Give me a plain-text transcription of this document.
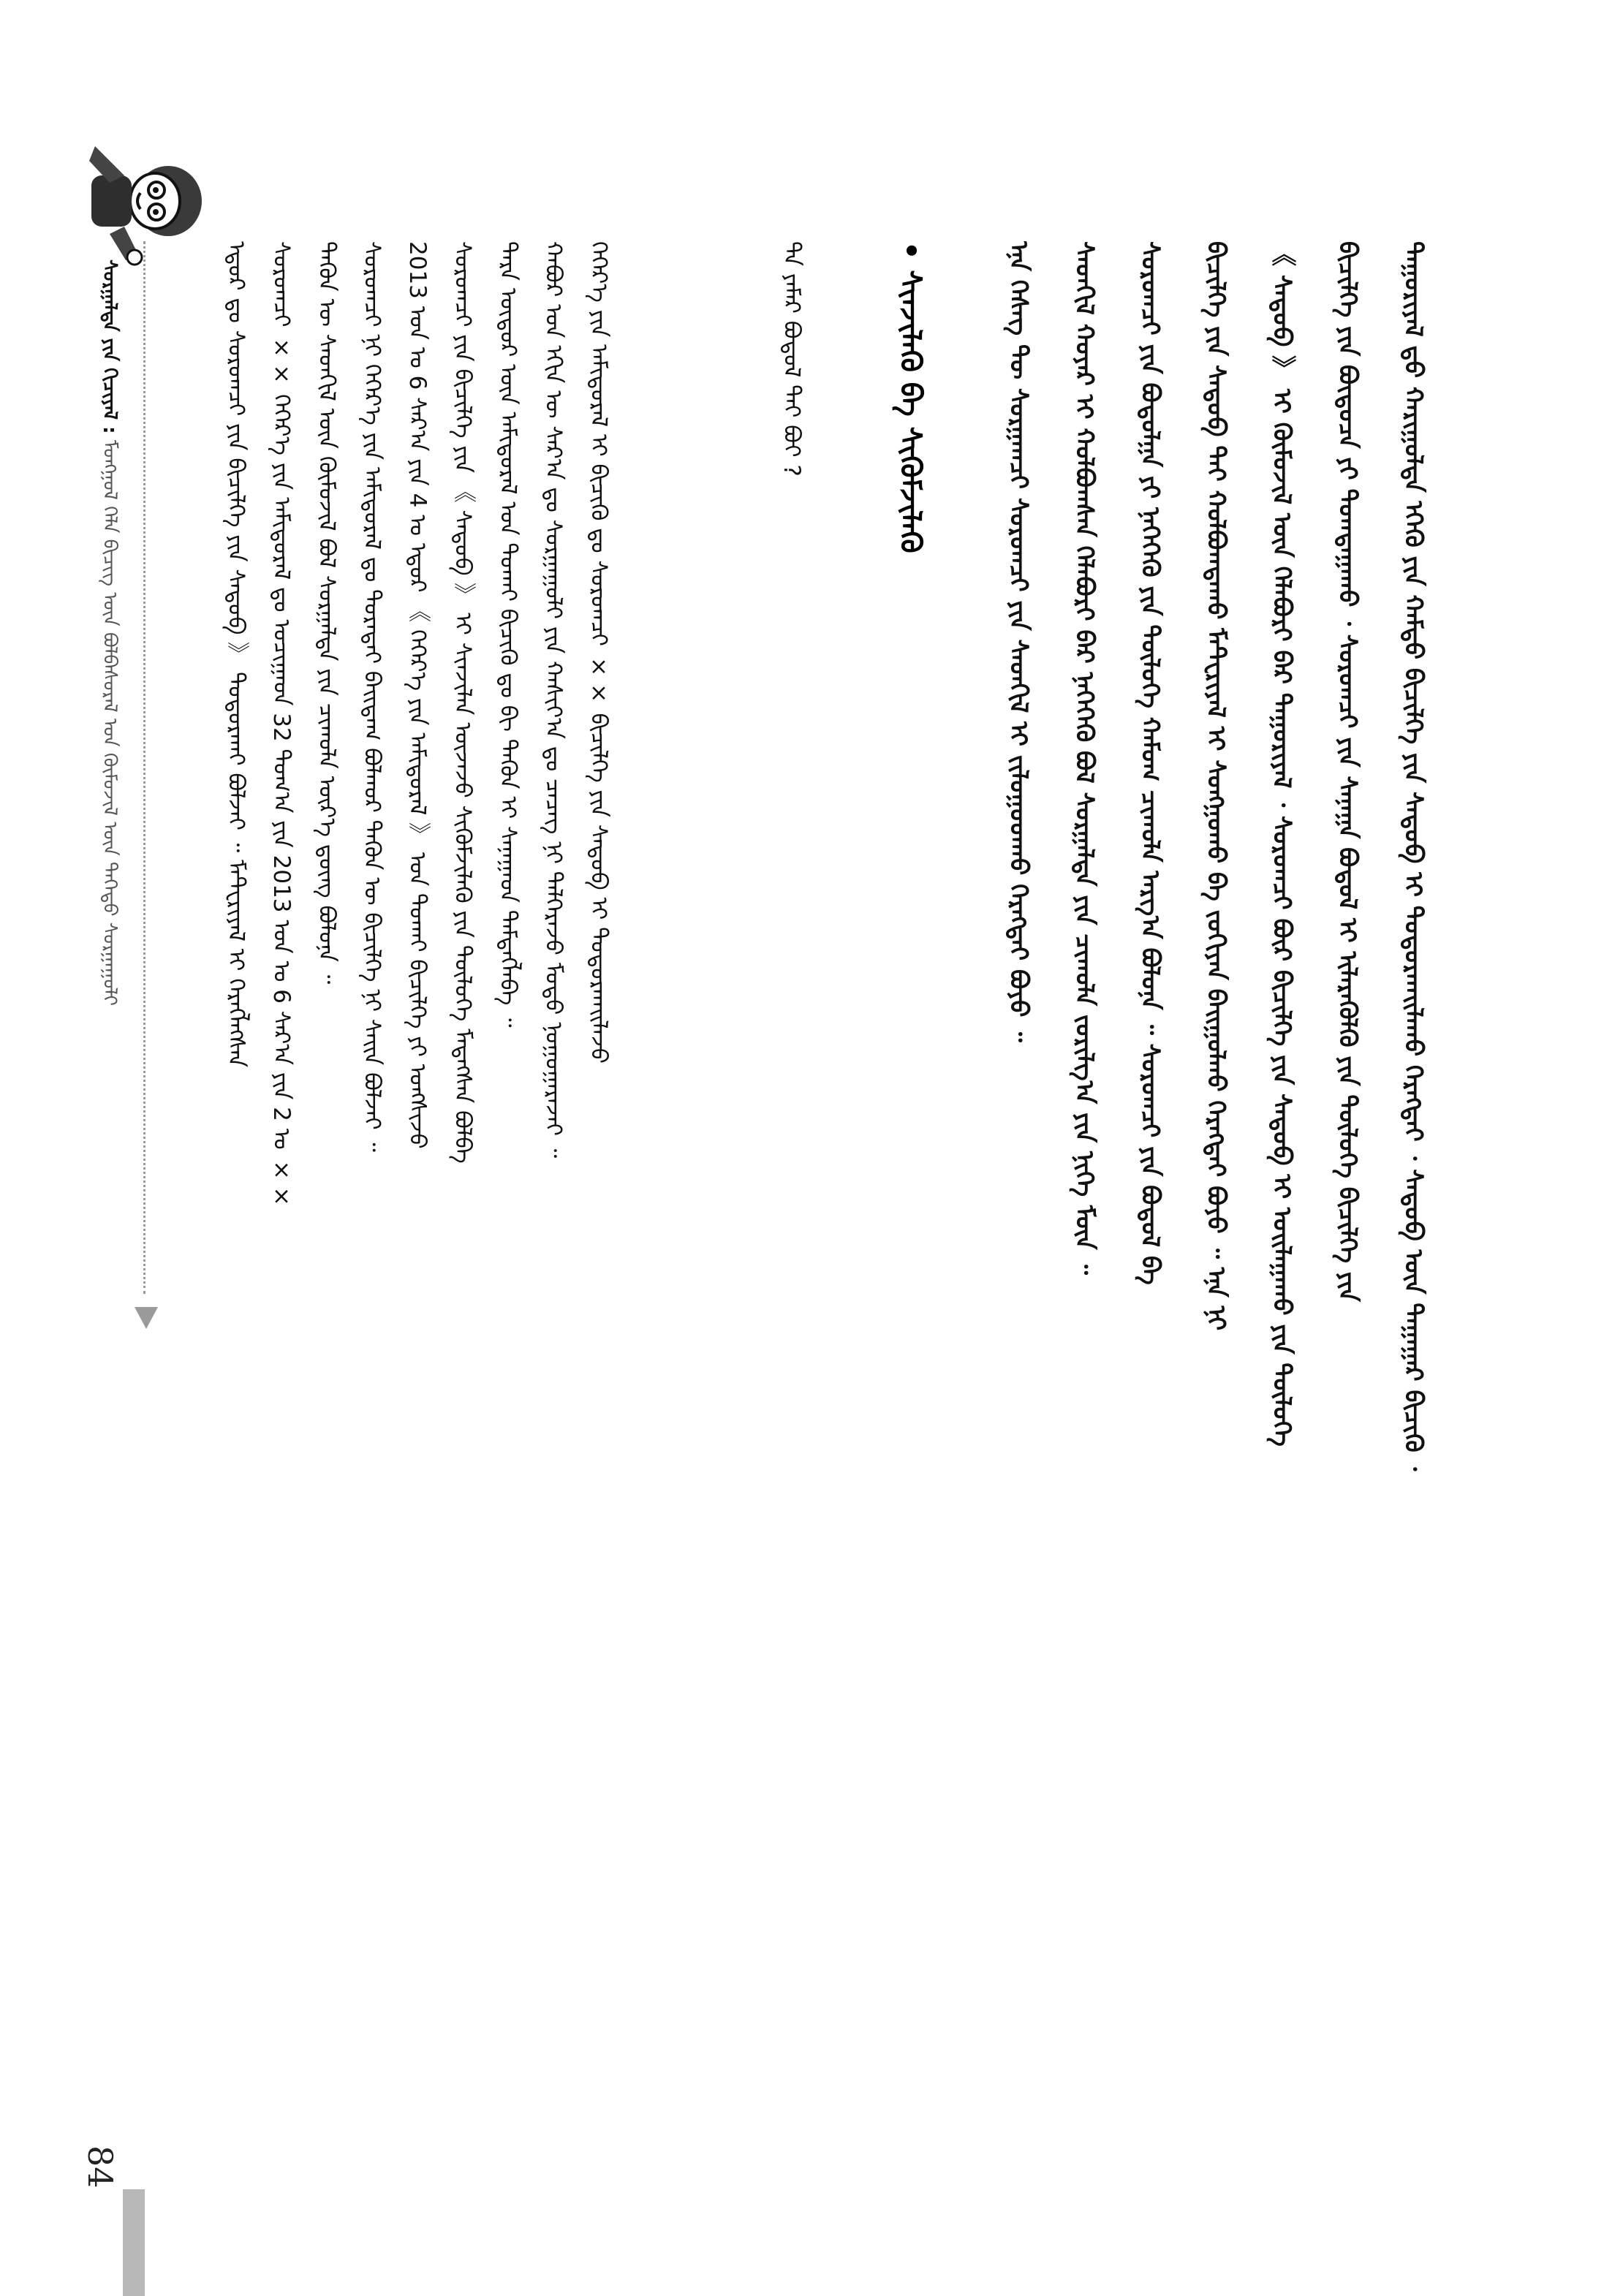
ᠰᠤᠷᠭᠠᠯᠲᠠ ᠶᠢᠨ ᠬᠢᠴᠢᠶᠡᠯ : ᠮᠣᠩᠭᠣᠯ ᠬᠡᠯᠡ ᠪᠢᠴᠢᠭ ᠦᠨ ᠪᠣᠯᠪᠠᠰᠤᠷᠠᠯ ᠤᠨ ᠬᠦᠮᠦᠵᠢᠯ ᠦᠨ ᠳᠡᠭᠡᠳᠦ ᠰᠤᠷᠭᠠᠭᠤᠯᠢ	ᠡᠳᠦᠷ ᠳᠤ ᠰᠤᠷᠤᠭᠴᠢ ᠶᠢᠨ ᠪᠢᠴᠢᠯᠭᠡ ᠶᠢᠨ ᠰᠡᠳᠦᠪ 》 ᠲᠣᠳᠣᠷᠬᠠᠢ ᠪᠣᠯᠵᠠᠢ ᠃ ᠮᠠᠲᠧᠷᠢᠶᠠᠯ ᠢ ᠬᠡᠷᠡᠭᠯᠡᠭᠰᠡᠨ ᠰᠤᠷᠤᠭᠴᠢ ×× ᠬᠡᠭᠡᠷ᠎ᠡ ᠶᠢᠨ ᠠᠮᠢᠳᠤᠷᠠᠯ ᠳᠤ ᠣᠴᠢᠭᠠᠳ 32 ᠲᠤᠭ᠎ᠠ ᠶᠢᠨ 2013 ᠣᠨ ᠤ 6 ᠰᠠᠷ᠎ᠠ ᠶᠢᠨ 2 ᠤ ×× ᠲᠡᠭᠦᠨ ᠦ ᠰᠡᠳᠭᠢᠯ ᠦᠨ ᠬᠦᠮᠦᠵᠢᠯ ᠪᠣᠯ ᠰᠤᠷᠭᠠᠯᠲᠠ ᠶᠢᠨ ᠴᠢᠬᠤᠯᠠ ᠦᠷ᠎ᠡ ᠳ᠋ᠦᠩ ᠪᠣᠯᠤᠨᠠ ᠃ ᠰᠤᠷᠤᠭᠴᠢ ᠨᠢ ᠬᠡᠭᠡᠷ᠎ᠡ ᠶᠢᠨ ᠠᠮᠢᠳᠤᠷᠠᠯ ᠳᠤ ᠳᠤᠷᠠᠲᠠᠢ ᠪᠠᠢᠳᠠᠭ ᠪᠣᠯᠬᠣᠷ ᠲᠡᠭᠦᠨ ᠦ ᠪᠢᠴᠢᠯᠭᠡ ᠨᠢ ᠰᠠᠢᠨ ᠪᠣᠯᠵᠠᠢ ᠃ 2013 ᠣᠨ ᠤ 6 ᠰᠠᠷ᠎ᠠ ᠶᠢᠨ 4 ᠤ ᠡᠳᠦᠷ 《 ᠬᠡᠭᠡᠷ᠎ᠡ ᠶᠢᠨ ᠠᠮᠢᠳᠤᠷᠠᠯ 》 ᠤᠨ ᠲᠤᠬᠠᠢ ᠪᠢᠴᠢᠯᠭᠡ ᠶᠢ ᠤᠩᠰᠢᠵᠤ ᠰᠤᠷᠤᠭᠴᠢ ᠶᠢᠨ ᠪᠢᠴᠢᠯᠭᠡ ᠶᠢᠨ 《 ᠰᠡᠳᠦᠪ 》 ᠢ ᠰᠢᠨᠵᠢᠯᠡᠨ ᠦᠵᠡᠵᠦ ᠰᠢᠭᠦᠮᠵᠢᠯᠡᠬᠦ ᠶᠢᠨ ᠲᠦᠯᠦᠭᠡ ᠮᠡᠳᠡᠭᠰᠡᠨ ᠪᠣᠯᠪᠠ ᠲᠡᠷᠡ ᠦᠳᠦᠷ ᠦᠨ ᠠᠮᠢᠳᠤᠷᠠᠯ ᠤᠨ ᠲᠤᠬᠠᠢ ᠪᠢᠴᠢᠬᠦ ᠳᠤ ᠪᠢ ᠲᠡᠭᠦᠨ ᠢ ᠰᠠᠨᠠᠭᠠᠳ ᠲᠡᠮᠳᠡᠭᠯᠡᠪᠡ ᠃ ᠬᠠᠪᠤᠷ ᠤᠨ ᠡᠬᠢᠨ ᠦ ᠰᠠᠷ᠎ᠠ ᠳᠤ ᠰᠤᠷᠭᠠᠭᠤᠯᠢ ᠶᠢᠨ ᠬᠠᠰᠢᠶ᠎ᠠ ᠳᠤ ᠴᠡᠴᠡᠭ ᠨᠢ ᠳᠡᠯᠭᠡᠷᠡᠵᠦ ᠮᠣᠳᠣ ᠨᠣᠭᠣᠭᠠᠷᠠᠵᠠᠢ ᠃ ᠬᠡᠭᠡᠷ᠎ᠡ ᠶᠢᠨ ᠠᠮᠢᠳᠤᠷᠠᠯ ᠢ ᠪᠢᠴᠢᠬᠦ ᠳᠤ ᠰᠤᠷᠤᠭᠴᠢ ×× ᠪᠢᠴᠢᠯᠭᠡ ᠶᠢᠨ ᠰᠡᠳᠦᠪ ᠢ ᠲᠣᠳᠣᠷᠬᠠᠢᠯᠠᠵᠤ	ᠲᠠ ᠶᠠᠮᠠᠷ ᠪᠣᠳᠣᠯ ᠲᠠᠢ ᠪᠤᠢ ?	• ᠰᠢᠨᠵᠢᠯᠡᠬᠦ ᠪᠠ ᠰᠢᠭᠦᠮᠵᠢᠯᠡᠬᠦ	ᠡᠨᠡ ᠬᠡᠰᠡᠭ ᠲᠦ ᠰᠤᠷᠭᠠᠭᠴᠢ ᠰᠤᠷᠤᠭᠴᠢ ᠶᠢᠨ ᠰᠡᠳᠭᠢᠯ ᠢ ᠵᠢᠯᠤᠭᠣᠳᠬᠤ ᠬᠡᠷᠡᠭᠲᠡᠢ ᠪᠤᠶᠤ ᠃ ᠰᠡᠳᠭᠢᠯ ᠬᠣᠶᠠᠷ ᠢ ᠬᠣᠯᠪᠣᠭᠰᠠᠨ ᠬᠡᠯᠡᠪᠦᠷᠢ ᠪᠡᠷ ᠨᠡᠭᠡᠭᠡᠬᠦ ᠪᠣᠯ ᠰᠤᠷᠭᠠᠯᠲᠠ ᠶᠢᠨ ᠴᠢᠬᠤᠯᠠ ᠵᠣᠷᠢᠯᠭ᠎ᠠ ᠶᠢᠨ ᠨᠢᠭᠡ ᠮᠥᠨ ᠃ ᠰᠤᠷᠤᠭᠴᠢ ᠶᠢᠨ ᠪᠣᠳᠣᠯᠭᠠ ᠶᠢ ᠨᠡᠭᠡᠭᠡᠬᠦ ᠶᠢᠨ ᠲᠦᠯᠦᠭᠡ ᠬᠠᠮᠤᠭ ᠴᠢᠬᠤᠯᠠ ᠠᠷᠭ᠎ᠠ ᠪᠣᠯᠤᠨᠠ ᠃ ᠰᠤᠷᠤᠭᠴᠢ ᠶᠢᠨ ᠪᠣᠳᠣᠯ ᠪᠠ ᠪᠢᠴᠢᠯᠭᠡ ᠶᠢᠨ ᠰᠡᠳᠦᠪ ᠲᠡᠢ ᠬᠣᠯᠪᠣᠭᠳᠠᠬᠤ ᠮᠠᠲᠧᠷᠢᠶᠠᠯ ᠢ ᠰᠣᠩᠭᠣᠬᠤ ᠪᠠ ᠵᠣᠬᠢᠶᠠᠨ ᠪᠠᠢᠭᠤᠯᠬᠤ ᠬᠡᠷᠡᠭᠲᠡᠢ ᠪᠤᠶᠤ ᠃ ᠡᠨᠡ ᠨᠢ 《 ᠰᠡᠳᠦᠪ 》 ᠢ ᠬᠦᠮᠦᠵᠢᠯ ᠦᠨ ᠬᠡᠯᠡᠪᠦᠷᠢ ᠪᠡᠷ ᠳᠠᠭᠤᠷᠢᠶᠠᠯ ᠂ ᠰᠤᠷᠤᠭᠴᠢ ᠪᠦᠷ ᠪᠢᠴᠢᠯᠭᠡ ᠶᠢᠨ ᠰᠡᠳᠦᠪ ᠢ ᠣᠢᠯᠠᠭᠠᠬᠤ ᠶᠢᠨ ᠲᠦᠯᠦᠭᠡ ᠪᠢᠴᠢᠯᠭᠡ ᠶᠢᠨ ᠪᠦᠲᠦᠴᠡ ᠶᠢ ᠲᠣᠭᠲᠠᠭᠠᠬᠤ ᠂ ᠰᠤᠷᠤᠭᠴᠢ ᠶᠢᠨ ᠰᠠᠨᠠᠭᠠ ᠪᠣᠳᠤᠯ ᠢ ᠢᠯᠡᠷᠡᠭᠦᠯᠬᠦ ᠶᠢᠨ ᠲᠦᠯᠦᠭᠡ ᠪᠢᠴᠢᠯᠭᠡ ᠶᠢᠨ ᠳᠠᠭᠤᠷᠢᠶᠠᠯ ᠳ᠋ᠤ ᠬᠠᠷᠢᠭᠤᠯᠲᠠ ᠡᠭᠡᠬᠦ ᠶᠢᠨ ᠬᠠᠮᠲᠤ ᠪᠢᠴᠢᠯᠭᠡ ᠶᠢᠨ ᠰᠡᠳᠦᠪ ᠢ ᠲᠣᠳᠣᠷᠬᠠᠢᠯᠠᠬᠤ ᠬᠡᠷᠡᠭᠲᠡᠢ ᠂ ᠰᠡᠳᠦᠪ ᠦᠨ ᠳᠠᠭᠠᠭᠠᠷ ᠪᠢᠴᠢᠬᠦ ᠂
84
